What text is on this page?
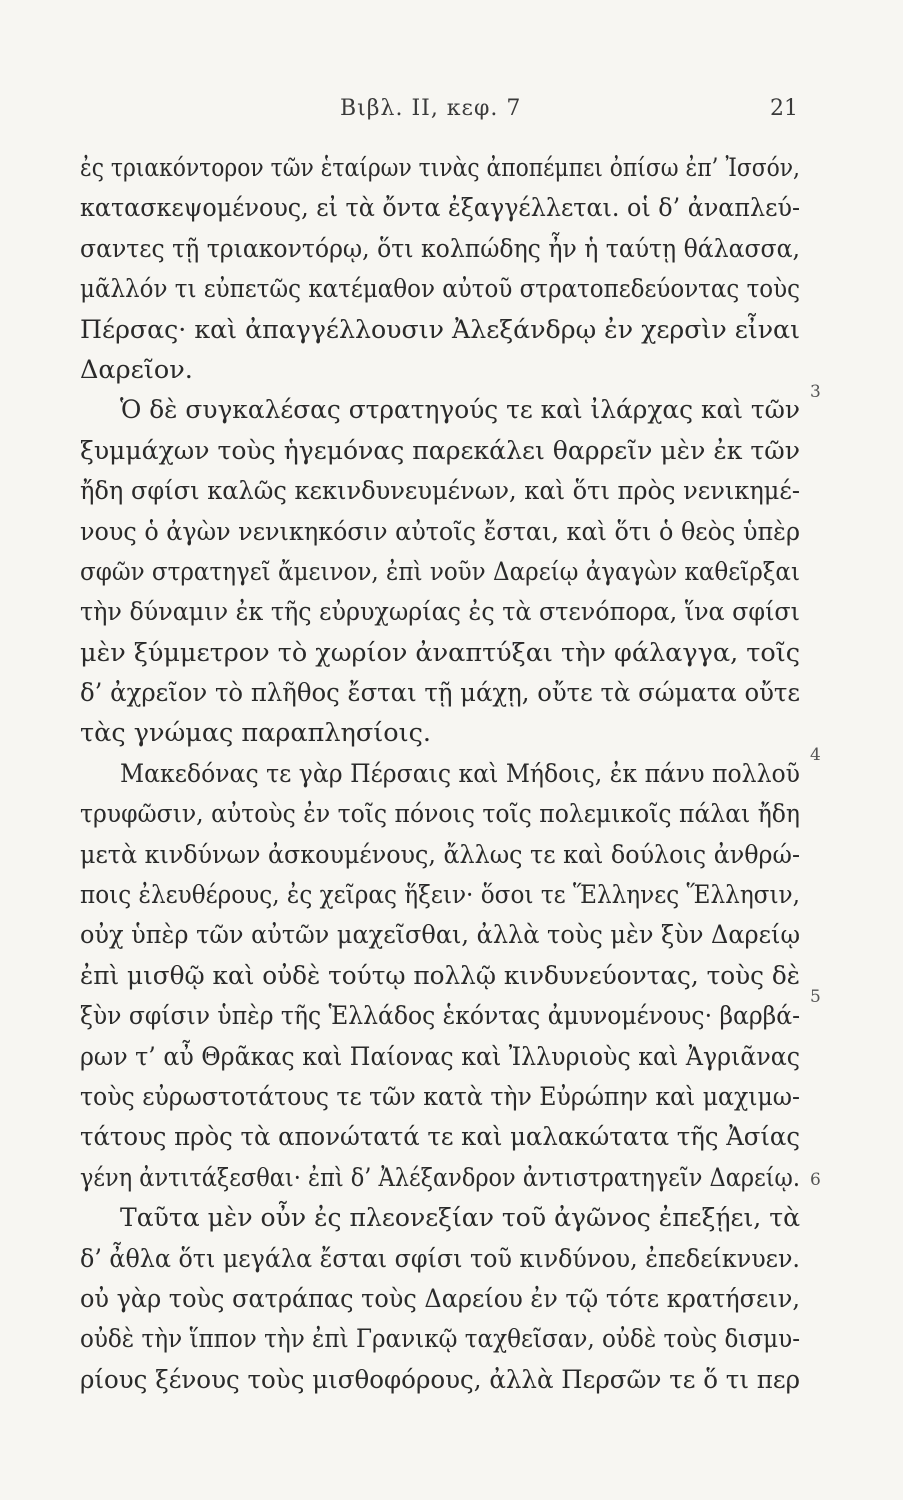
Βιβλ. ΙΙ, κεφ. 7	21
ἐς τριακόντορον τῶν ἑταίρων τινὰς ἀποπέμπει ὀπίσω ἐπ’ Ἰσσόν,
κατασκεψομένους, εἰ τὰ ὄντα ἐξαγγέλλεται. οἱ δ’ ἀναπλεύ-
σαντες τῇ τριακοντόρῳ, ὅτι κολπώδης ἦν ἡ ταύτῃ θάλασσα,
μᾶλλόν τι εὐπετῶς κατέμαθον αὐτοῦ στρατοπεδεύοντας τοὺς
Πέρσας· καὶ ἀπαγγέλλουσιν Ἀλεξάνδρῳ ἐν χερσὶν εἶναι
Δαρεῖον.
Ὁ δὲ συγκαλέσας στρατηγούς τε καὶ ἰλάρχας καὶ τῶν
ξυμμάχων τοὺς ἡγεμόνας παρεκάλει θαρρεῖν μὲν ἐκ τῶν
ἤδη σφίσι καλῶς κεκινδυνευμένων, καὶ ὅτι πρὸς νενικημέ-
νους ὁ ἀγὼν νενικηκόσιν αὐτοῖς ἔσται, καὶ ὅτι ὁ θεὸς ὑπὲρ
σφῶν στρατηγεῖ ἄμεινον, ἐπὶ νοῦν Δαρείῳ ἀγαγὼν καθεῖρξαι
τὴν δύναμιν ἐκ τῆς εὐρυχωρίας ἐς τὰ στενόπορα, ἵνα σφίσι
μὲν ξύμμετρον τὸ χωρίον ἀναπτύξαι τὴν φάλαγγα, τοῖς
δ’ ἀχρεῖον τὸ πλῆθος ἔσται τῇ μάχῃ, οὔτε τὰ σώματα οὔτε
τὰς γνώμας παραπλησίοις.
Μακεδόνας τε γὰρ Πέρσαις καὶ Μήδοις, ἐκ πάνυ πολλοῦ
τρυφῶσιν, αὐτοὺς ἐν τοῖς πόνοις τοῖς πολεμικοῖς πάλαι ἤδη
μετὰ κινδύνων ἀσκουμένους, ἄλλως τε καὶ δούλοις ἀνθρώ-
ποις ἐλευθέρους, ἐς χεῖρας ἥξειν· ὅσοι τε Ἕλληνες Ἕλλησιν,
οὐχ ὑπὲρ τῶν αὐτῶν μαχεῖσθαι, ἀλλὰ τοὺς μὲν ξὺν Δαρείῳ
ἐπὶ μισθῷ καὶ οὐδὲ τούτῳ πολλῷ κινδυνεύοντας, τοὺς δὲ
ξὺν σφίσιν ὑπὲρ τῆς Ἑλλάδος ἑκόντας ἀμυνομένους· βαρβά-
ρων τ’ αὖ Θρᾶκας καὶ Παίονας καὶ Ἰλλυριοὺς καὶ Ἀγριᾶνας
τοὺς εὐρωστοτάτους τε τῶν κατὰ τὴν Εὐρώπην καὶ μαχιμω-
τάτους πρὸς τὰ απονώτατά τε καὶ μαλακώτατα τῆς Ἀσίας
γένη ἀντιτάξεσθαι· ἐπὶ δ’ Ἀλέξανδρον ἀντιστρατηγεῖν Δαρείῳ.
Ταῦτα μὲν οὖν ἐς πλεονεξίαν τοῦ ἀγῶνος ἐπεξῄει, τὰ
δ’ ἆθλα ὅτι μεγάλα ἔσται σφίσι τοῦ κινδύνου, ἐπεδείκνυεν.
οὐ γὰρ τοὺς σατράπας τοὺς Δαρείου ἐν τῷ τότε κρατήσειν,
οὐδὲ τὴν ἵππον τὴν ἐπὶ Γρανικῷ ταχθεῖσαν, οὐδὲ τοὺς δισμυ-
ρίους ξένους τοὺς μισθοφόρους, ἀλλὰ Περσῶν τε ὅ τι περ
3
4
5
6
